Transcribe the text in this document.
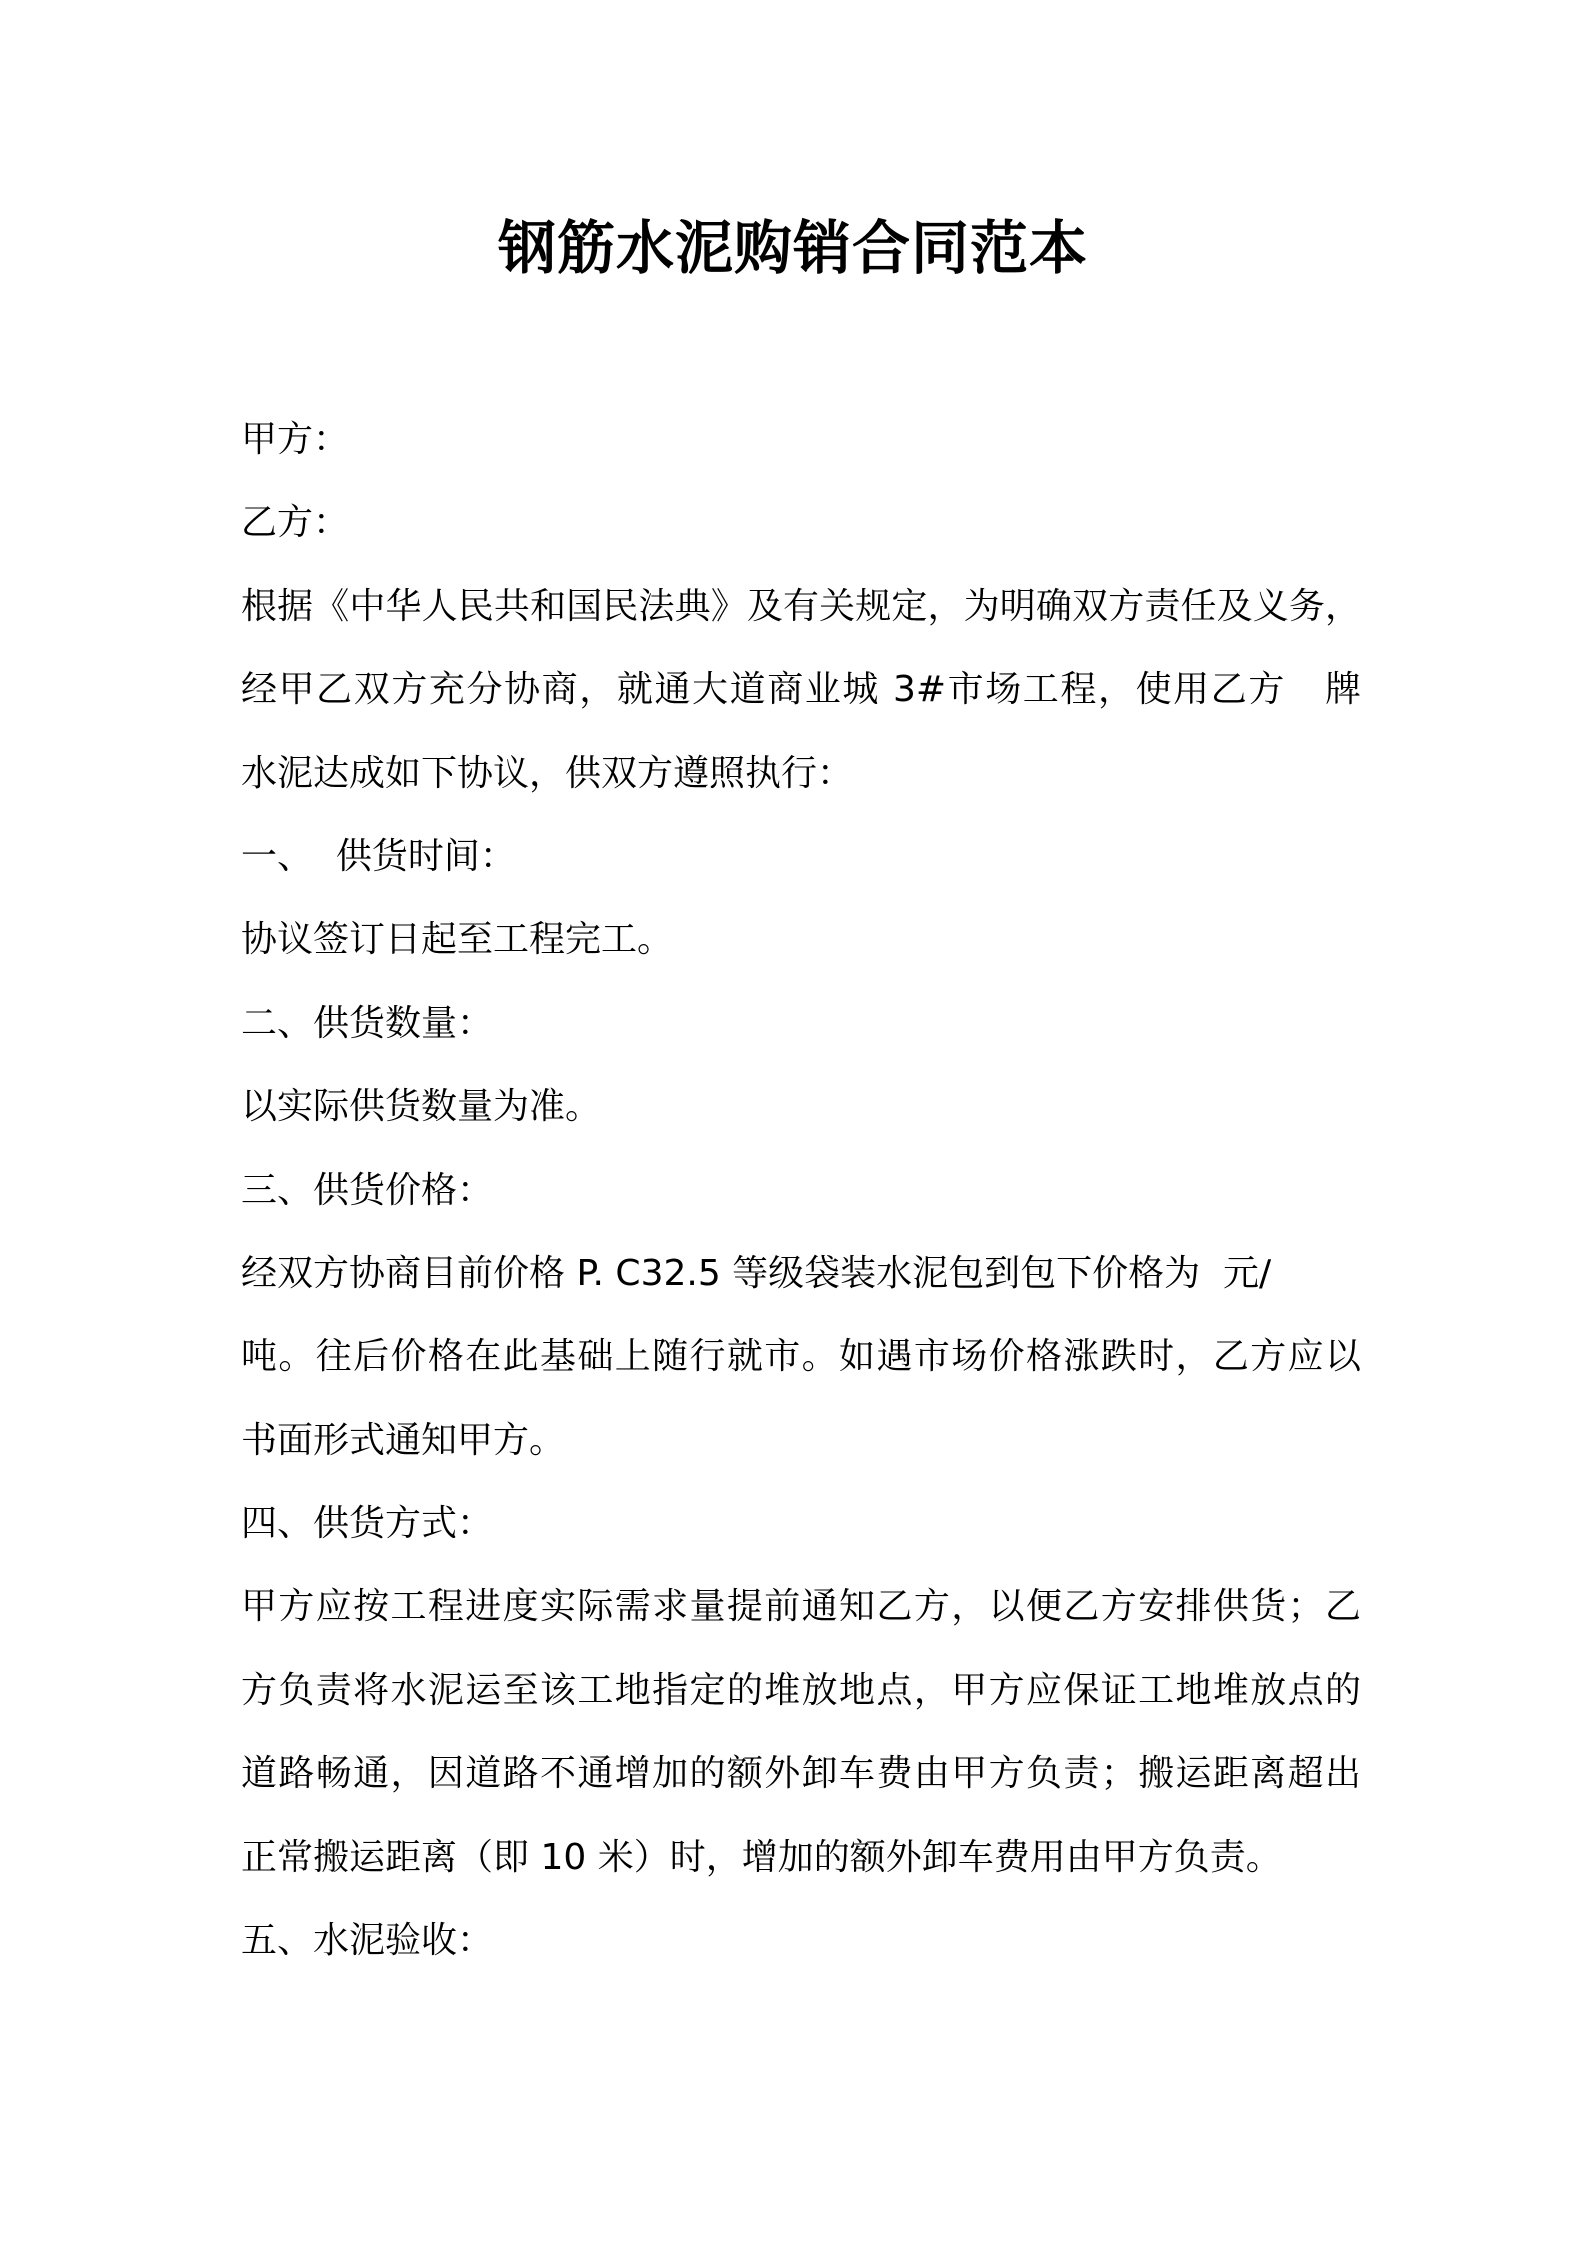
钢筋水泥购销合同范本
甲方：
乙方：
根据《中华人民共和国民法典》及有关规定，为明确双方责任及义务，
经甲乙双方充分协商，就通大道商业城 3#市场工程，使用乙方   牌
水泥达成如下协议，供双方遵照执行：
一、  供货时间：
协议签订日起至工程完工。
二、供货数量：
以实际供货数量为准。
三、供货价格：
经双方协商目前价格 P. C32.5 等级袋装水泥包到包下价格为  元/
吨。往后价格在此基础上随行就市。如遇市场价格涨跌时，乙方应以
书面形式通知甲方。
四、供货方式：
甲方应按工程进度实际需求量提前通知乙方，以便乙方安排供货；乙
方负责将水泥运至该工地指定的堆放地点，甲方应保证工地堆放点的
道路畅通，因道路不通增加的额外卸车费由甲方负责；搬运距离超出
正常搬运距离（即 10 米）时，增加的额外卸车费用由甲方负责。
五、水泥验收：
